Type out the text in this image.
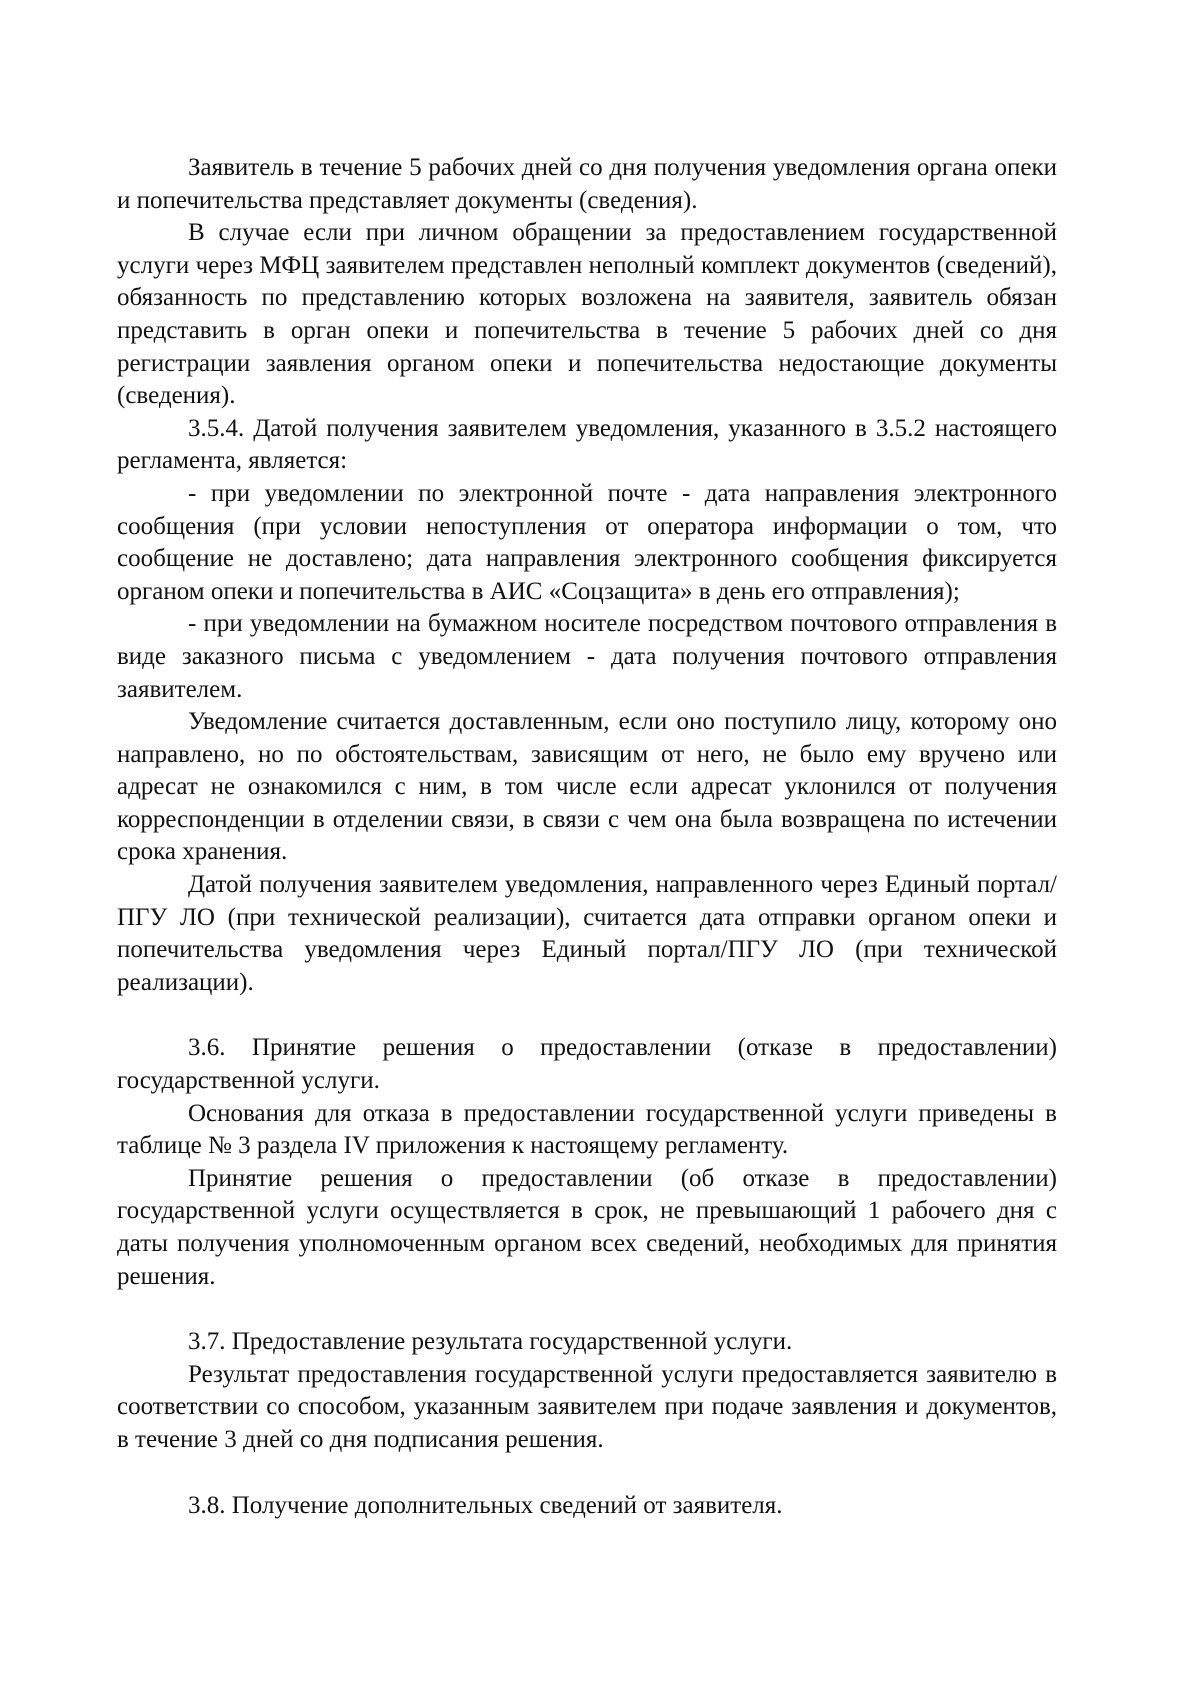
Заявитель в течение 5 рабочих дней со дня получения уведомления органа опеки и попечительства представляет документы (сведения).

В случае если при личном обращении за предоставлением государственной услуги через МФЦ заявителем представлен неполный комплект документов (сведений), обязанность по представлению которых возложена на заявителя, заявитель обязан представить в орган опеки и попечительства в течение 5 рабочих дней со дня регистрации заявления органом опеки и попечительства недостающие документы (сведения).

3.5.4. Датой получения заявителем уведомления, указанного в 3.5.2 настоящего регламента, является:

- при уведомлении по электронной почте - дата направления электронного сообщения (при условии непоступления от оператора информации о том, что сообщение не доставлено; дата направления электронного сообщения фиксируется органом опеки и попечительства в АИС «Соцзащита» в день его отправления);

- при уведомлении на бумажном носителе посредством почтового отправления в виде заказного письма с уведомлением - дата получения почтового отправления заявителем.

Уведомление считается доставленным, если оно поступило лицу, которому оно направлено, но по обстоятельствам, зависящим от него, не было ему вручено или адресат не ознакомился с ним, в том числе если адресат уклонился от получения корреспонденции в отделении связи, в связи с чем она была возвращена по истечении срока хранения.

Датой получения заявителем уведомления, направленного через Единый портал/ПГУ ЛО (при технической реализации), считается дата отправки органом опеки и попечительства уведомления через Единый портал/ПГУ ЛО (при технической реализации).

3.6. Принятие решения о предоставлении (отказе в предоставлении) государственной услуги.

Основания для отказа в предоставлении государственной услуги приведены в таблице № 3 раздела IV приложения к настоящему регламенту.

Принятие решения о предоставлении (об отказе в предоставлении) государственной услуги осуществляется в срок, не превышающий 1 рабочего дня с даты получения уполномоченным органом всех сведений, необходимых для принятия решения.

3.7. Предоставление результата государственной услуги.

Результат предоставления государственной услуги предоставляется заявителю в соответствии со способом, указанным заявителем при подаче заявления и документов, в течение 3 дней со дня подписания решения.

3.8. Получение дополнительных сведений от заявителя.
